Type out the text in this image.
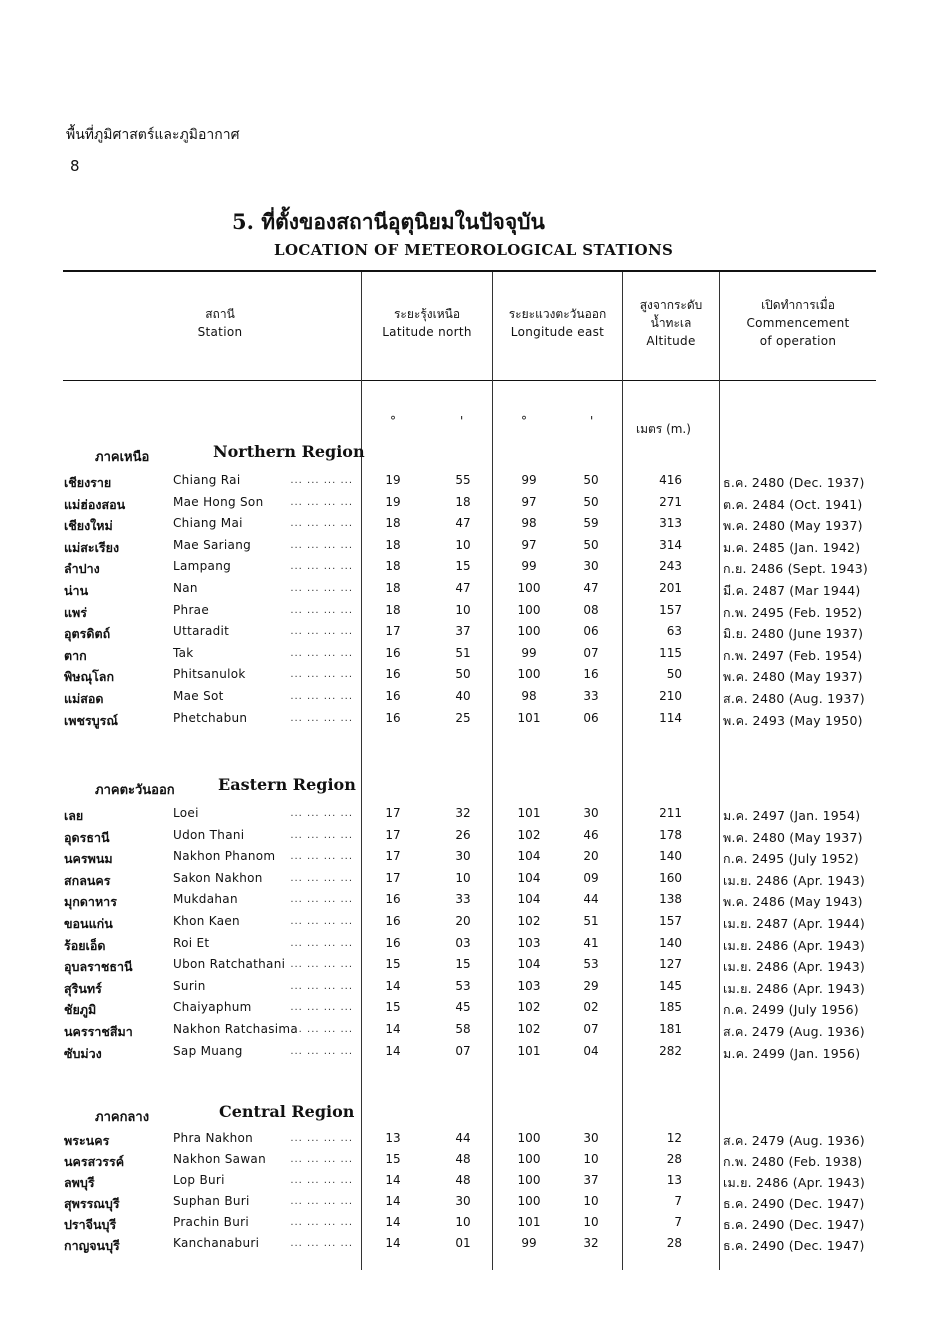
พื้นที่ภูมิศาสตร์และภูมิอากาศ
8
5. ที่ตั้งของสถานีอุตุนิยมในปัจจุบัน
LOCATION OF METEOROLOGICAL STATIONS
สถานี
Station
ระยะรุ้งเหนือ
Latitude north
ระยะแวงตะวันออก
Longitude east
สูงจากระดับ
น้ำทะเล
Altitude
เปิดทำการเมื่อ
Commencement
of operation
°	'	°	'
เมตร (m.)
ภาคเหนือ	Northern Region
เชียงราย	Chiang Rai	19	55	99	50	416	ธ.ค. 2480 (Dec. 1937)
... ... ... ...
แม่ฮ่องสอน	Mae Hong Son	19	18	97	50	271	ต.ค. 2484 (Oct. 1941)
... ... ... ...
เชียงใหม่	Chiang Mai	18	47	98	59	313	พ.ค. 2480 (May 1937)
... ... ... ...
แม่สะเรียง	Mae Sariang	18	10	97	50	314	ม.ค. 2485 (Jan. 1942)
... ... ... ...
ลำปาง	Lampang	18	15	99	30	243	ก.ย. 2486 (Sept. 1943)
... ... ... ...
น่าน	Nan	18	47	100	47	201	มี.ค. 2487 (Mar 1944)
... ... ... ...
แพร่	Phrae	18	10	100	08	157	ก.พ. 2495 (Feb. 1952)
... ... ... ...
อุตรดิตถ์	Uttaradit	17	37	100	06	63	มิ.ย. 2480 (June 1937)
... ... ... ...
ตาก	Tak	16	51	99	07	115	ก.พ. 2497 (Feb. 1954)
... ... ... ...
พิษณุโลก	Phitsanulok	16	50	100	16	50	พ.ค. 2480 (May 1937)
... ... ... ...
แม่สอด	Mae Sot	16	40	98	33	210	ส.ค. 2480 (Aug. 1937)
... ... ... ...
เพชรบูรณ์	Phetchabun	16	25	101	06	114	พ.ค. 2493 (May 1950)
... ... ... ...
ภาคตะวันออก	Eastern Region
เลย	Loei	17	32	101	30	211	ม.ค. 2497 (Jan. 1954)
... ... ... ...
อุดรธานี	Udon Thani	17	26	102	46	178	พ.ค. 2480 (May 1937)
... ... ... ...
นครพนม	Nakhon Phanom	17	30	104	20	140	ก.ค. 2495 (July 1952)
... ... ... ...
สกลนคร	Sakon Nakhon	17	10	104	09	160	เม.ย. 2486 (Apr. 1943)
... ... ... ...
มุกดาหาร	Mukdahan	16	33	104	44	138	พ.ค. 2486 (May 1943)
... ... ... ...
ขอนแก่น	Khon Kaen	16	20	102	51	157	เม.ย. 2487 (Apr. 1944)
... ... ... ...
ร้อยเอ็ด	Roi Et	16	03	103	41	140	เม.ย. 2486 (Apr. 1943)
... ... ... ...
อุบลราชธานี	Ubon Ratchathani	15	15	104	53	127	เม.ย. 2486 (Apr. 1943)
... ... ... ...
สุรินทร์	Surin	14	53	103	29	145	เม.ย. 2486 (Apr. 1943)
... ... ... ...
ชัยภูมิ	Chaiyaphum	15	45	102	02	185	ก.ค. 2499 (July 1956)
... ... ... ...
นครราชสีมา	Nakhon Ratchasima	14	58	102	07	181	ส.ค. 2479 (Aug. 1936)
... ... ... ...
ซับม่วง	Sap Muang	14	07	101	04	282	ม.ค. 2499 (Jan. 1956)
... ... ... ...
ภาคกลาง	Central Region
พระนคร	Phra Nakhon	13	44	100	30	12	ส.ค. 2479 (Aug. 1936)
... ... ... ...
นครสวรรค์	Nakhon Sawan	15	48	100	10	28	ก.พ. 2480 (Feb. 1938)
... ... ... ...
ลพบุรี	Lop Buri	14	48	100	37	13	เม.ย. 2486 (Apr. 1943)
... ... ... ...
สุพรรณบุรี	Suphan Buri	14	30	100	10	7	ธ.ค. 2490 (Dec. 1947)
... ... ... ...
ปราจีนบุรี	Prachin Buri	14	10	101	10	7	ธ.ค. 2490 (Dec. 1947)
... ... ... ...
กาญจนบุรี	Kanchanaburi	14	01	99	32	28	ธ.ค. 2490 (Dec. 1947)
... ... ... ...
